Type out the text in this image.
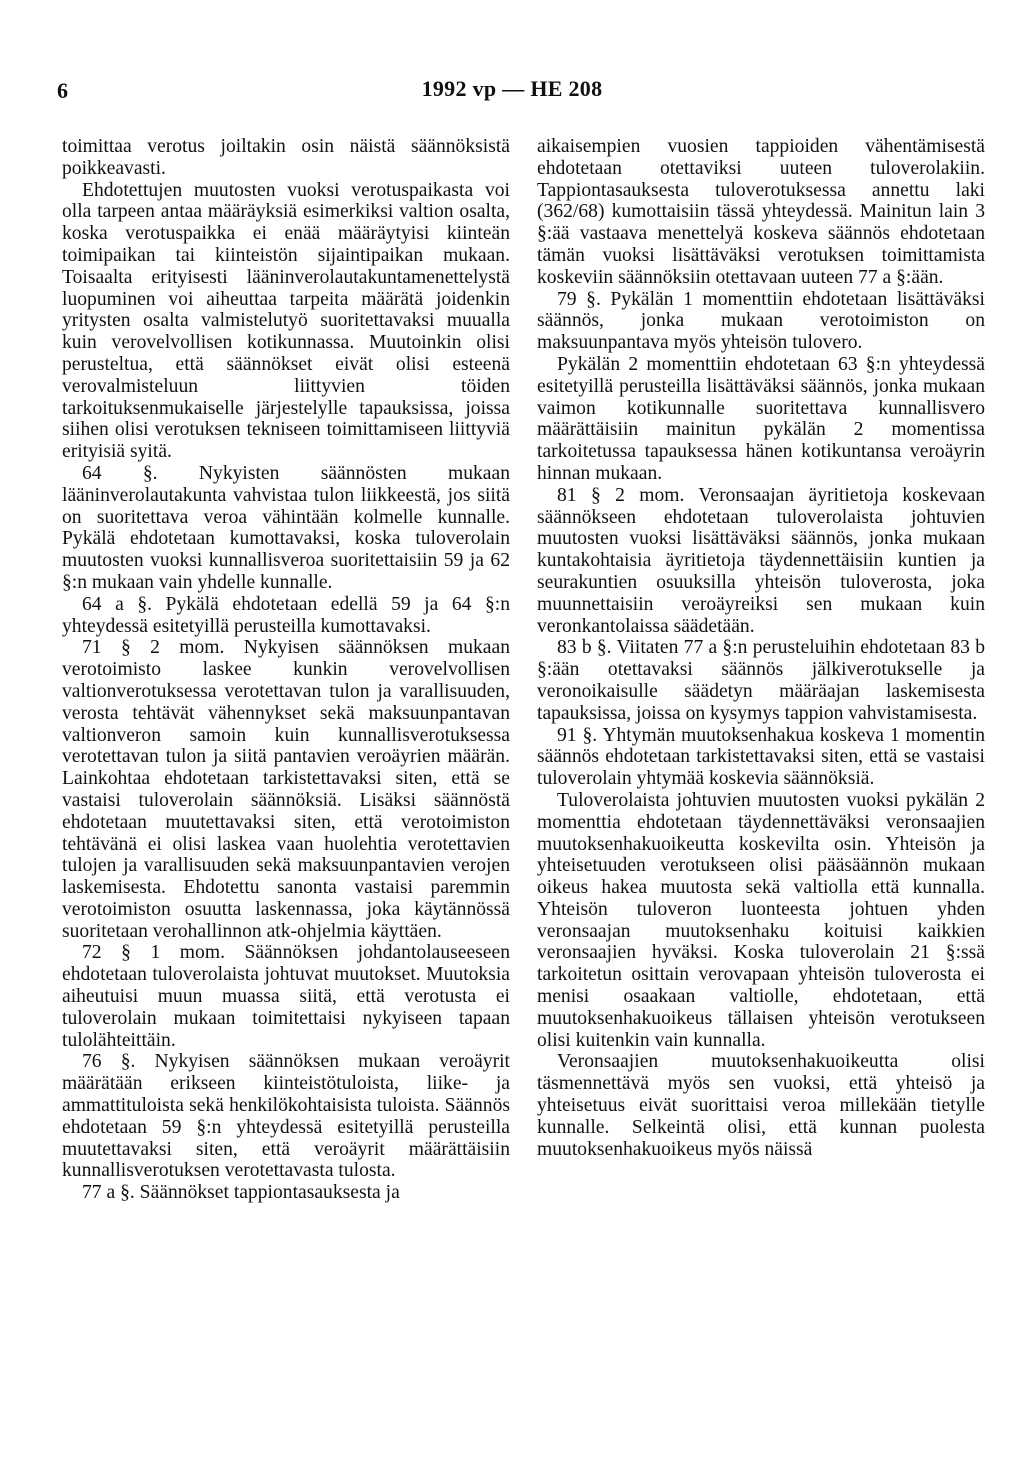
6	1992 vp — HE 208

toimittaa verotus joiltakin osin näistä säännöksistä poikkeavasti.

Ehdotettujen muutosten vuoksi verotuspaikasta voi olla tarpeen antaa määräyksiä esimerkiksi valtion osalta, koska verotuspaikka ei enää määräytyisi kiinteän toimipaikan tai kiinteistön sijaintipaikan mukaan. Toisaalta erityisesti lääninverolautakuntamenettelystä luopuminen voi aiheuttaa tarpeita määrätä joidenkin yritysten osalta valmistelutyö suoritettavaksi muualla kuin verovelvollisen kotikunnassa. Muutoinkin olisi perusteltua, että säännökset eivät olisi esteenä verovalmisteluun liittyvien töiden tarkoituksenmukaiselle järjestelylle tapauksissa, joissa siihen olisi verotuksen tekniseen toimittamiseen liittyviä erityisiä syitä.

64 §. Nykyisten säännösten mukaan lääninverolautakunta vahvistaa tulon liikkeestä, jos siitä on suoritettava veroa vähintään kolmelle kunnalle. Pykälä ehdotetaan kumottavaksi, koska tuloverolain muutosten vuoksi kunnallisveroa suoritettaisiin 59 ja 62 §:n mukaan vain yhdelle kunnalle.

64 a §. Pykälä ehdotetaan edellä 59 ja 64 §:n yhteydessä esitetyillä perusteilla kumottavaksi.

71 § 2 mom. Nykyisen säännöksen mukaan verotoimisto laskee kunkin verovelvollisen valtionverotuksessa verotettavan tulon ja varallisuuden, verosta tehtävät vähennykset sekä maksuunpantavan valtionveron samoin kuin kunnallisverotuksessa verotettavan tulon ja siitä pantavien veroäyrien määrän. Lainkohtaa ehdotetaan tarkistettavaksi siten, että se vastaisi tuloverolain säännöksiä. Lisäksi säännöstä ehdotetaan muutettavaksi siten, että verotoimiston tehtävänä ei olisi laskea vaan huolehtia verotettavien tulojen ja varallisuuden sekä maksuunpantavien verojen laskemisesta. Ehdotettu sanonta vastaisi paremmin verotoimiston osuutta laskennassa, joka käytännössä suoritetaan verohallinnon atk-ohjelmia käyttäen.

72 § 1 mom. Säännöksen johdantolauseeseen ehdotetaan tuloverolaista johtuvat muutokset. Muutoksia aiheutuisi muun muassa siitä, että verotusta ei tuloverolain mukaan toimitettaisi nykyiseen tapaan tulolähteittäin.

76 §. Nykyisen säännöksen mukaan veroäyrit määrätään erikseen kiinteistötuloista, liike- ja ammattituloista sekä henkilökohtaisista tuloista. Säännös ehdotetaan 59 §:n yhteydessä esitetyillä perusteilla muutettavaksi siten, että veroäyrit määrättäisiin kunnallisverotuksen verotettavasta tulosta.

77 a §. Säännökset tappiontasauksesta ja

aikaisempien vuosien tappioiden vähentämisestä ehdotetaan otettaviksi uuteen tuloverolakiin. Tappiontasauksesta tuloverotuksessa annettu laki (362/68) kumottaisiin tässä yhteydessä. Mainitun lain 3 §:ää vastaava menettelyä koskeva säännös ehdotetaan tämän vuoksi lisättäväksi verotuksen toimittamista koskeviin säännöksiin otettavaan uuteen 77 a §:ään.

79 §. Pykälän 1 momenttiin ehdotetaan lisättäväksi säännös, jonka mukaan verotoimiston on maksuunpantava myös yhteisön tulovero.

Pykälän 2 momenttiin ehdotetaan 63 §:n yhteydessä esitetyillä perusteilla lisättäväksi säännös, jonka mukaan vaimon kotikunnalle suoritettava kunnallisvero määrättäisiin mainitun pykälän 2 momentissa tarkoitetussa tapauksessa hänen kotikuntansa veroäyrin hinnan mukaan.

81 § 2 mom. Veronsaajan äyritietoja koskevaan säännökseen ehdotetaan tuloverolaista johtuvien muutosten vuoksi lisättäväksi säännös, jonka mukaan kuntakohtaisia äyritietoja täydennettäisiin kuntien ja seurakuntien osuuksilla yhteisön tuloverosta, joka muunnettaisiin veroäyreiksi sen mukaan kuin veronkantolaissa säädetään.

83 b §. Viitaten 77 a §:n perusteluihin ehdotetaan 83 b §:ään otettavaksi säännös jälkiverotukselle ja veronoikaisulle säädetyn määräajan laskemisesta tapauksissa, joissa on kysymys tappion vahvistamisesta.

91 §. Yhtymän muutoksenhakua koskeva 1 momentin säännös ehdotetaan tarkistettavaksi siten, että se vastaisi tuloverolain yhtymää koskevia säännöksiä.

Tuloverolaista johtuvien muutosten vuoksi pykälän 2 momenttia ehdotetaan täydennettäväksi veronsaajien muutoksenhakuoikeutta koskevilta osin. Yhteisön ja yhteisetuuden verotukseen olisi pääsäännön mukaan oikeus hakea muutosta sekä valtiolla että kunnalla. Yhteisön tuloveron luonteesta johtuen yhden veronsaajan muutoksenhaku koituisi kaikkien veronsaajien hyväksi. Koska tuloverolain 21 §:ssä tarkoitetun osittain verovapaan yhteisön tuloverosta ei menisi osaakaan valtiolle, ehdotetaan, että muutoksenhakuoikeus tällaisen yhteisön verotukseen olisi kuitenkin vain kunnalla.

Veronsaajien muutoksenhakuoikeutta olisi täsmennettävä myös sen vuoksi, että yhteisö ja yhteisetuus eivät suorittaisi veroa millekään tietylle kunnalle. Selkeintä olisi, että kunnan puolesta muutoksenhakuoikeus myös näissä
